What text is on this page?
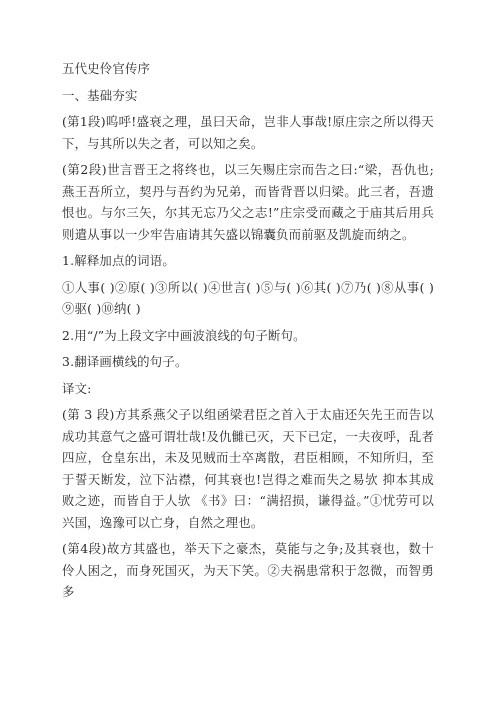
五代史伶官传序

一、基础夯实

(第1段)呜呼!盛衰之理，虽曰天命，岂非人事哉!原庄宗之所以得天下，与其所以失之者，可以知之矣。

(第2段)世言晋王之将终也，以三矢赐庄宗而告之曰:“梁，吾仇也;燕王吾所立，契丹与吾约为兄弟，而皆背晋以归梁。此三者，吾遗恨也。与尔三矢，尔其无忘乃父之志!”庄宗受而藏之于庙其后用兵则遣从事以一少牢告庙请其矢盛以锦囊负而前驱及凯旋而纳之。

1.解释加点的词语。

①人事( )②原( )③所以( )④世言( )⑤与( )⑥其( )⑦乃( )⑧从事( )⑨驱( )⑩纳( )

2.用“/”为上段文字中画波浪线的句子断句。

3.翻译画横线的句子。

译文:

(第 3 段)方其系燕父子以组函梁君臣之首入于太庙还矢先王而告以成功其意气之盛可谓壮哉!及仇雠已灭，天下已定，一夫夜呼，乱者四应，仓皇东出，未及见贼而士卒离散，君臣相顾，不知所归，至于誓天断发，泣下沾襟，何其衰也!岂得之难而失之易欤 抑本其成败之迹，而皆自于人欤 《书》曰：“满招损，谦得益。”①忧劳可以兴国，逸豫可以亡身，自然之理也。

(第4段)故方其盛也，举天下之豪杰，莫能与之争;及其衰也，数十伶人困之，而身死国灭，为天下笑。②夫祸患常积于忽微，而智勇多
